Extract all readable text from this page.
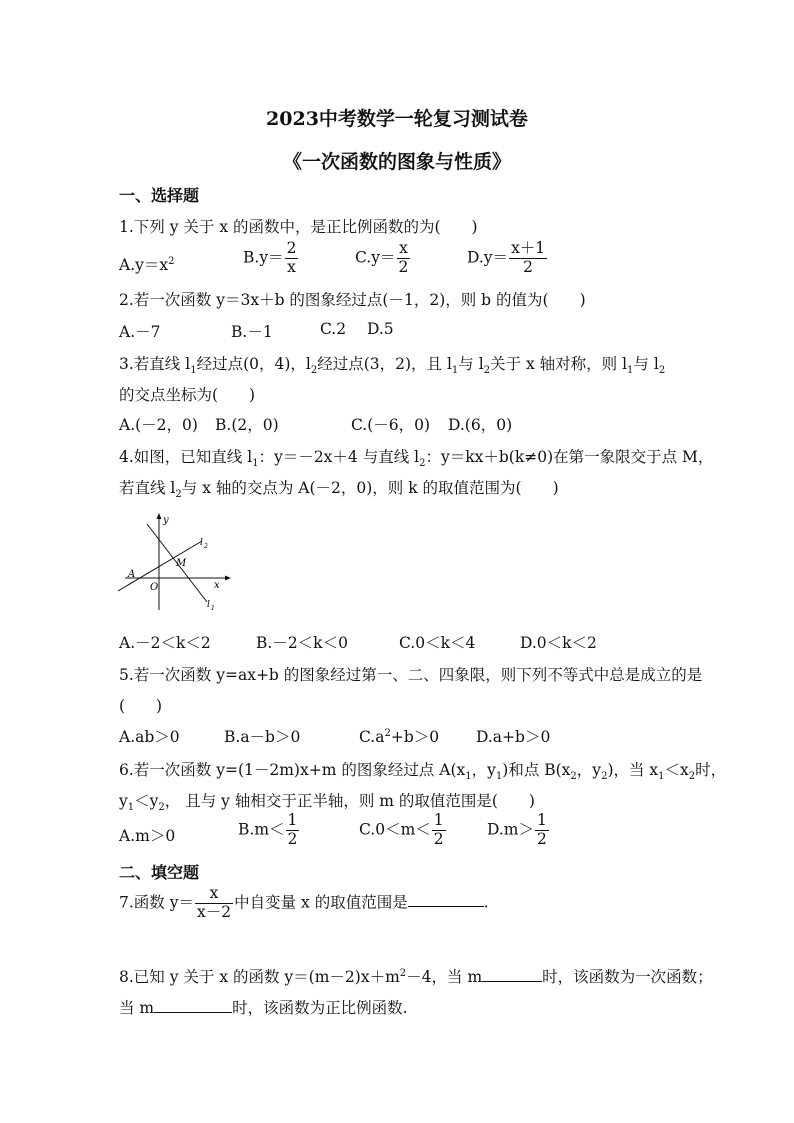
2023中考数学一轮复习测试卷
《一次函数的图象与性质》
一、选择题
1.下列 y 关于 x 的函数中，是正比例函数的为(　　)
$A.y=x^2$	$B.y= \frac{2}{x}$	$C.y= \frac{x}{2}$	$D.y= \frac{x+1}{2}$
2.若一次函数 y＝3x＋b 的图象经过点(－1，2)，则 b 的值为(　　)
A.－7	B.－1	C.2 D.5
3.若直线 $l_1$经过点(0，4)，$l_2$经过点(3，2)，且 $l_1$与 $l_2$关于 x 轴对称，则 $l_1$与 $l_2$
的交点坐标为(　　)
A.(－2，0) B.(2，0)	C.(－6，0) D.(6，0)
4.如图，已知直线 $l_1$：y＝－2x＋4 与直线 $l_2$：y＝kx＋b(k≠0)在第一象限交于点 M，
若直线 $l_2$与 x 轴的交点为 A(－2，0)，则 k 的取值范围为(　　)
y
x
O
A
M
l 2
l 1
A.－2＜k＜2	B.－2＜k＜0	C.0＜k＜4	D.0＜k＜2
5.若一次函数 y=ax+b 的图象经过第一、二、四象限，则下列不等式中总是成立的是
(　　)
A.ab＞0	B.a－b＞0	$C.a^2+b>0$ D.a+b＞0
6.若一次函数 y=(1－2m)x+m 的图象经过点 $A(x_1$，$y_1$)和点 $B(x_2$，$y_2$)，当 $x_1<x_2$时，
$y_1<y_2$， 且与 y 轴相交于正半轴，则 m 的取值范围是(　　)
A.m＞0	$B.m< \frac{1}{2}$	$C.0<m< \frac{1}{2}$	$D.m> \frac{1}{2}$
二、填空题
7.函数 $y= \frac{x}{x-2}$ 中自变量 x 的取值范围是	.
8.已知 y 关于 x 的函数 $y=(m-2)x+m^2-4$，当 m	时，该函数为一次函数；
当 m	时，该函数为正比例函数.
